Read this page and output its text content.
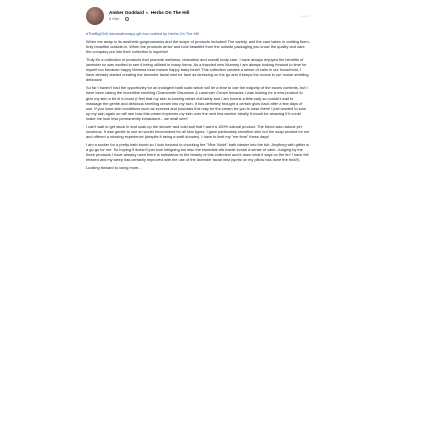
Amber Goddard ▸ Herbs On The Hill
5 Mar ·	···

#TheBigChill #aromatherapy gift box crafted by Herbs On The Hill

When me away in its aesthetic gorgeousness and the scope of products included! The variety, and the care taken in crafting them, truly beautiful outside-in. When the products arrive and look beautiful from the outside packaging you know the quality and care the company put into their collection is superior!

Truly it's a collection of products that promote wellness, relaxation and overall body care. I have always enjoyed the benefits of lavender so was excited to see it being utilised in many forms. As a frazzled new Mummy I am always looking forward to time for myself too because happy Mamma bear means happy baby bear!! This collection creates a sense of calm in our household, I have already started creating the lavender facial mist for face as stressing on the go and it keeps the rooms in our house smelling delicious!

So far I haven't had the opportunity for an indulgent bath soak which will be a time to use the majority of the boxes contents, but I have been taking the incredible smelling Chamomile Geranium & Lavender Cream because I was looking for a new product to give my skin a bit of a boost (I feel that my skin is looking rather dull lately and I am honest a little sad) so couldn't wait to massage the gentle and delicious smelling cream into my skin. It has definitely brought a certain glow back after a few days of use. If you have skin conditions such as eczema and psoriasis this may be the cream for you to ease them! I just wanted to tone up my skin again so will see how this cream improves my skin over the next few weeks! Ideally it would be amazing if it could make me look less permanently exhausted... we shall see!!

I can't wait to get stuck in and soak up the shower and cold salt that I want a 100% natural product. The blend was natural yet luxurious. It was gentle to use so would recommend for all skin types. I gave particularly sensitive skin but the soap worked for me and offered a relaxing experience (despite it being a swift shower). I have to limit my "me time" these days!

I am a sucker for a pretty bath bomb so I look forward to chucking the "Vibe Violet" bath blaster into the tub. Anything with glitter is a go-go for me. So hoping it doesn't just look intriguing but also the essential oils inside evoke a sense of calm. Judging by the three products I have already used there is substance to the beauty of this collection and it does what it says on the tin! I have felt relaxed and my sleep has certainly improved with the use of the lavender facial mist (spritz on my pillow has done the trick!!)

Looking forward to using more...
